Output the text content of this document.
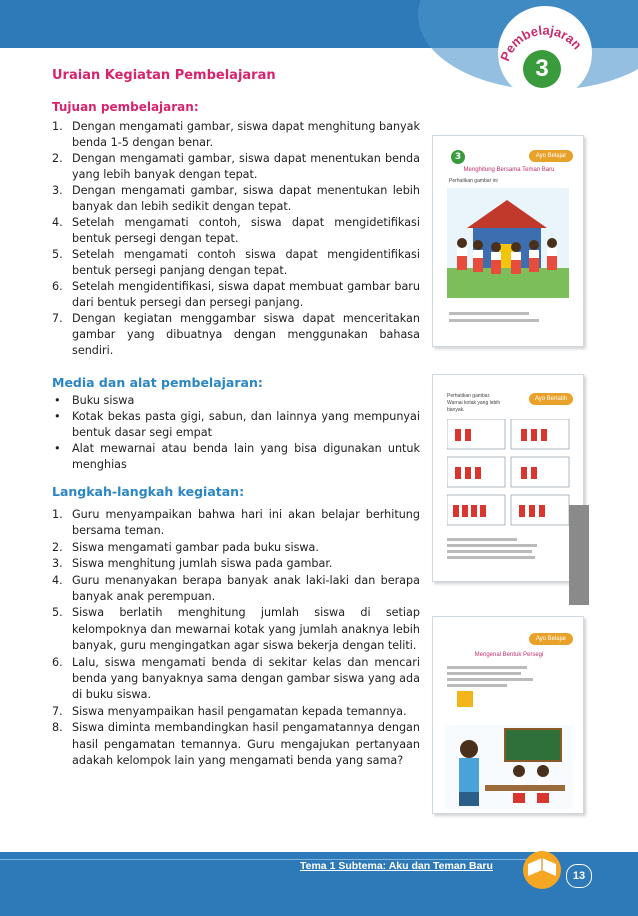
Pembelajaran
3
Uraian Kegiatan Pembelajaran
Tujuan pembelajaran:
1. Dengan mengamati gambar, siswa dapat menghitung banyak benda 1-5 dengan benar.
2. Dengan mengamati gambar, siswa dapat menentukan benda yang lebih banyak dengan tepat.
3. Dengan mengamati gambar, siswa dapat menentukan lebih banyak dan lebih sedikit dengan tepat.
4. Setelah mengamati contoh, siswa dapat mengidetifikasi bentuk persegi dengan tepat.
5. Setelah mengamati contoh siswa dapat mengidentifikasi bentuk persegi panjang dengan tepat.
6. Setelah mengidentifikasi, siswa dapat membuat gambar baru dari bentuk persegi dan persegi panjang.
7. Dengan kegiatan menggambar siswa dapat menceritakan gambar yang dibuatnya dengan menggunakan bahasa sendiri.
Media dan alat pembelajaran:
• Buku siswa
• Kotak bekas pasta gigi, sabun, dan lainnya yang mempunyai bentuk dasar segi empat
• Alat mewarnai atau benda lain yang bisa digunakan untuk menghias
Langkah-langkah kegiatan:
1. Guru menyampaikan bahwa hari ini akan belajar berhitung bersama teman.
2. Siswa mengamati gambar pada buku siswa.
3. Siswa menghitung jumlah siswa pada gambar.
4. Guru menanyakan berapa banyak anak laki-laki dan berapa banyak anak perempuan.
5. Siswa berlatih menghitung jumlah siswa di setiap kelompoknya dan mewarnai kotak yang jumlah anaknya lebih banyak, guru mengingatkan agar siswa bekerja dengan teliti.
6. Lalu, siswa mengamati benda di sekitar kelas dan mencari benda yang banyaknya sama dengan gambar siswa yang ada di buku siswa.
7. Siswa menyampaikan hasil pengamatan kepada temannya.
8. Siswa diminta membandingkan hasil pengamatannya dengan hasil pengamatan temannya. Guru mengajukan pertanyaan adakah kelompok lain yang mengamati benda yang sama?
3	Ayo Belajar
Menghitung Bersama Teman Baru
Perhatikan gambar ini
Ayo Berlatih
Perhatikan gambar. Warnai kotak yang lebih banyak.
Ayo Belajar
Mengenal Bentuk Persegi
Tema 1 Subtema: Aku dan Teman Baru
13
